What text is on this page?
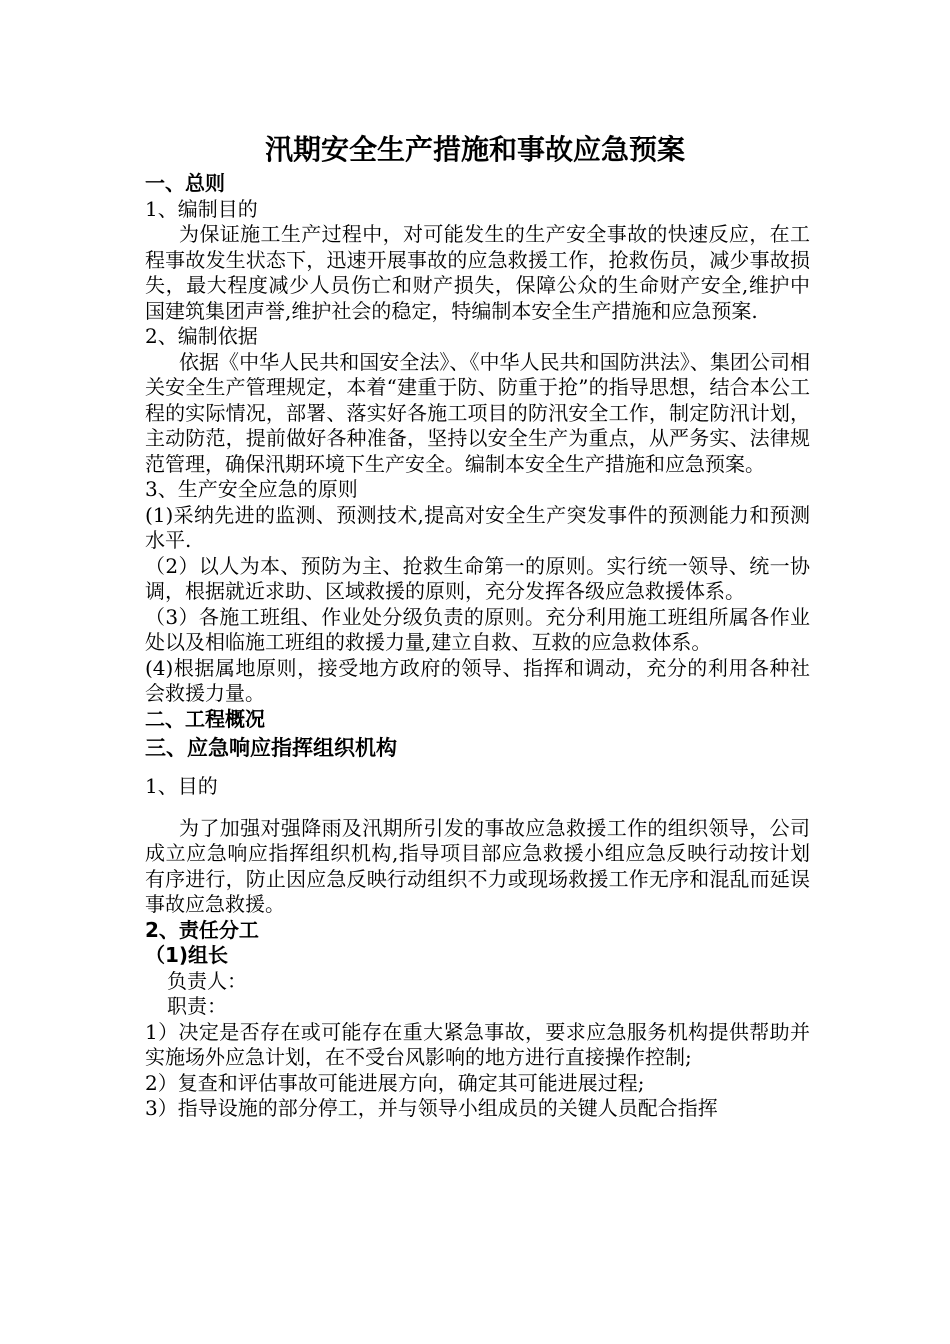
汛期安全生产措施和事故应急预案

一、总则

1、编制目的

为保证施工生产过程中，对可能发生的生产安全事故的快速反应，在工程事故发生状态下，迅速开展事故的应急救援工作，抢救伤员，减少事故损失，最大程度减少人员伤亡和财产损失，保障公众的生命财产安全,维护中国建筑集团声誉,维护社会的稳定，特编制本安全生产措施和应急预案.

2、编制依据

依据《中华人民共和国安全法》、《中华人民共和国防洪法》、集团公司相关安全生产管理规定，本着“建重于防、防重于抢”的指导思想，结合本公工程的实际情况，部署、落实好各施工项目的防汛安全工作，制定防汛计划，主动防范，提前做好各种准备，坚持以安全生产为重点，从严务实、法律规范管理，确保汛期环境下生产安全。编制本安全生产措施和应急预案。

3、生产安全应急的原则

(1)采纳先进的监测、预测技术,提高对安全生产突发事件的预测能力和预测水平.

（2）以人为本、预防为主、抢救生命第一的原则。实行统一领导、统一协调，根据就近求助、区域救援的原则，充分发挥各级应急救援体系。

（3）各施工班组、作业处分级负责的原则。充分利用施工班组所属各作业处以及相临施工班组的救援力量,建立自救、互救的应急救体系。

(4)根据属地原则，接受地方政府的领导、指挥和调动，充分的利用各种社会救援力量。

二、工程概况

三、应急响应指挥组织机构

1、目的

为了加强对强降雨及汛期所引发的事故应急救援工作的组织领导，公司成立应急响应指挥组织机构,指导项目部应急救援小组应急反映行动按计划有序进行，防止因应急反映行动组织不力或现场救援工作无序和混乱而延误事故应急救援。

2、责任分工

（1)组长

负责人：

职责：

1）决定是否存在或可能存在重大紧急事故，要求应急服务机构提供帮助并实施场外应急计划，在不受台风影响的地方进行直接操作控制;

2）复查和评估事故可能进展方向，确定其可能进展过程;

3）指导设施的部分停工，并与领导小组成员的关键人员配合指挥
